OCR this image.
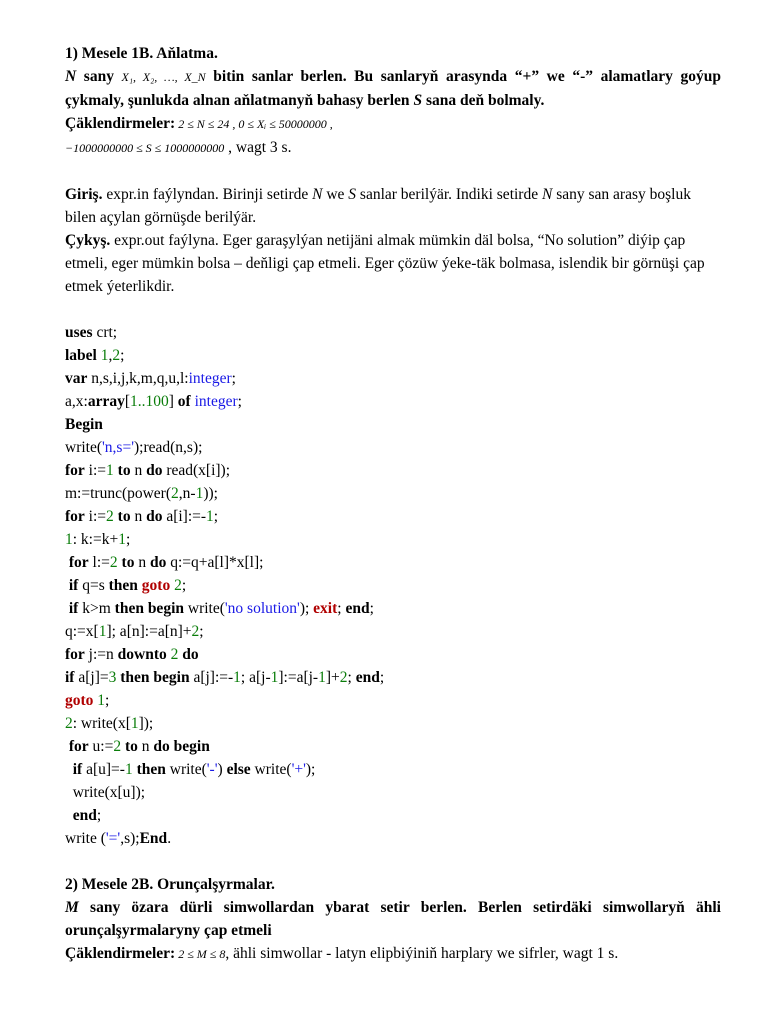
1) Mesele 1B. Aňlatma.
N sany X₁, X₂, …, X_N bitin sanlar berlen. Bu sanlaryň arasynda “+” we “-” alamatlary goýup çykmaly, şunlukda alnan aňlatmanyň bahasy berlen S sana deň bolmaly.
Çäklendirmeler: 2 ≤ N ≤ 24 , 0 ≤ Xᵢ ≤ 50000000 ,
−1000000000 ≤ S ≤ 1000000000 , wagt 3 s.
Giriş. expr.in faýlyndan. Birinji setirde N we S sanlar berilýär. Indiki setirde N sany san arasy boşluk bilen açylan görnüşde berilýär.
Çykyş. expr.out faýlyna. Eger garaşylýan netijäni almak mümkin däl bolsa, “No solution” diýip çap etmeli, eger mümkin bolsa – deňligi çap etmeli. Eger çözüw ýeke-täk bolmasa, islendik bir görnüşi çap etmek ýeterlikdir.
uses crt;
label 1,2;
var n,s,i,j,k,m,q,u,l:integer;
a,x:array[1..100] of integer;
Begin
write('n,s=');read(n,s);
for i:=1 to n do read(x[i]);
m:=trunc(power(2,n-1));
for i:=2 to n do a[i]:=-1;
1: k:=k+1;
for l:=2 to n do q:=q+a[l]*x[l];
if q=s then goto 2;
if k>m then begin write('no solution'); exit; end;
q:=x[1]; a[n]:=a[n]+2;
for j:=n downto 2 do
if a[j]=3 then begin a[j]:=-1; a[j-1]:=a[j-1]+2; end;
goto 1;
2: write(x[1]);
for u:=2 to n do begin
if a[u]=-1 then write('-') else write('+');
write(x[u]);
end;
write ('=',s);End.
2) Mesele 2B. Orunçalşyrmalar.
M sany özara dürli simwollardan ybarat setir berlen. Berlen setirdäki simwollaryň ähli orunçalşyrmalaryny çap etmeli
Çäklendirmeler: 2 ≤ M ≤ 8, ähli simwollar - latyn elipbiýiniň harplary we sifrler, wagt 1 s.
